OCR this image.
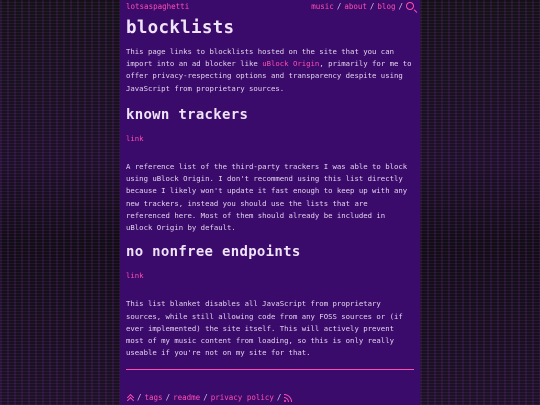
lotsaspaghetti	music / about / blog /
blocklists

This page links to blocklists hosted on the site that you can import into an ad blocker like uBlock Origin, primarily for me to offer privacy-respecting options and transparency despite using JavaScript from proprietary sources.

known trackers

link

A reference list of the third-party trackers I was able to block using uBlock Origin. I don't recommend using this list directly because I likely won't update it fast enough to keep up with any new trackers, instead you should use the lists that are referenced here. Most of them should already be included in uBlock Origin by default.

no nonfree endpoints

link

This list blanket disables all JavaScript from proprietary sources, while still allowing code from any FOSS sources or (if ever implemented) the site itself. This will actively prevent most of my music content from loading, so this is only really useable if you're not on my site for that.

/ tags / readme / privacy policy /
